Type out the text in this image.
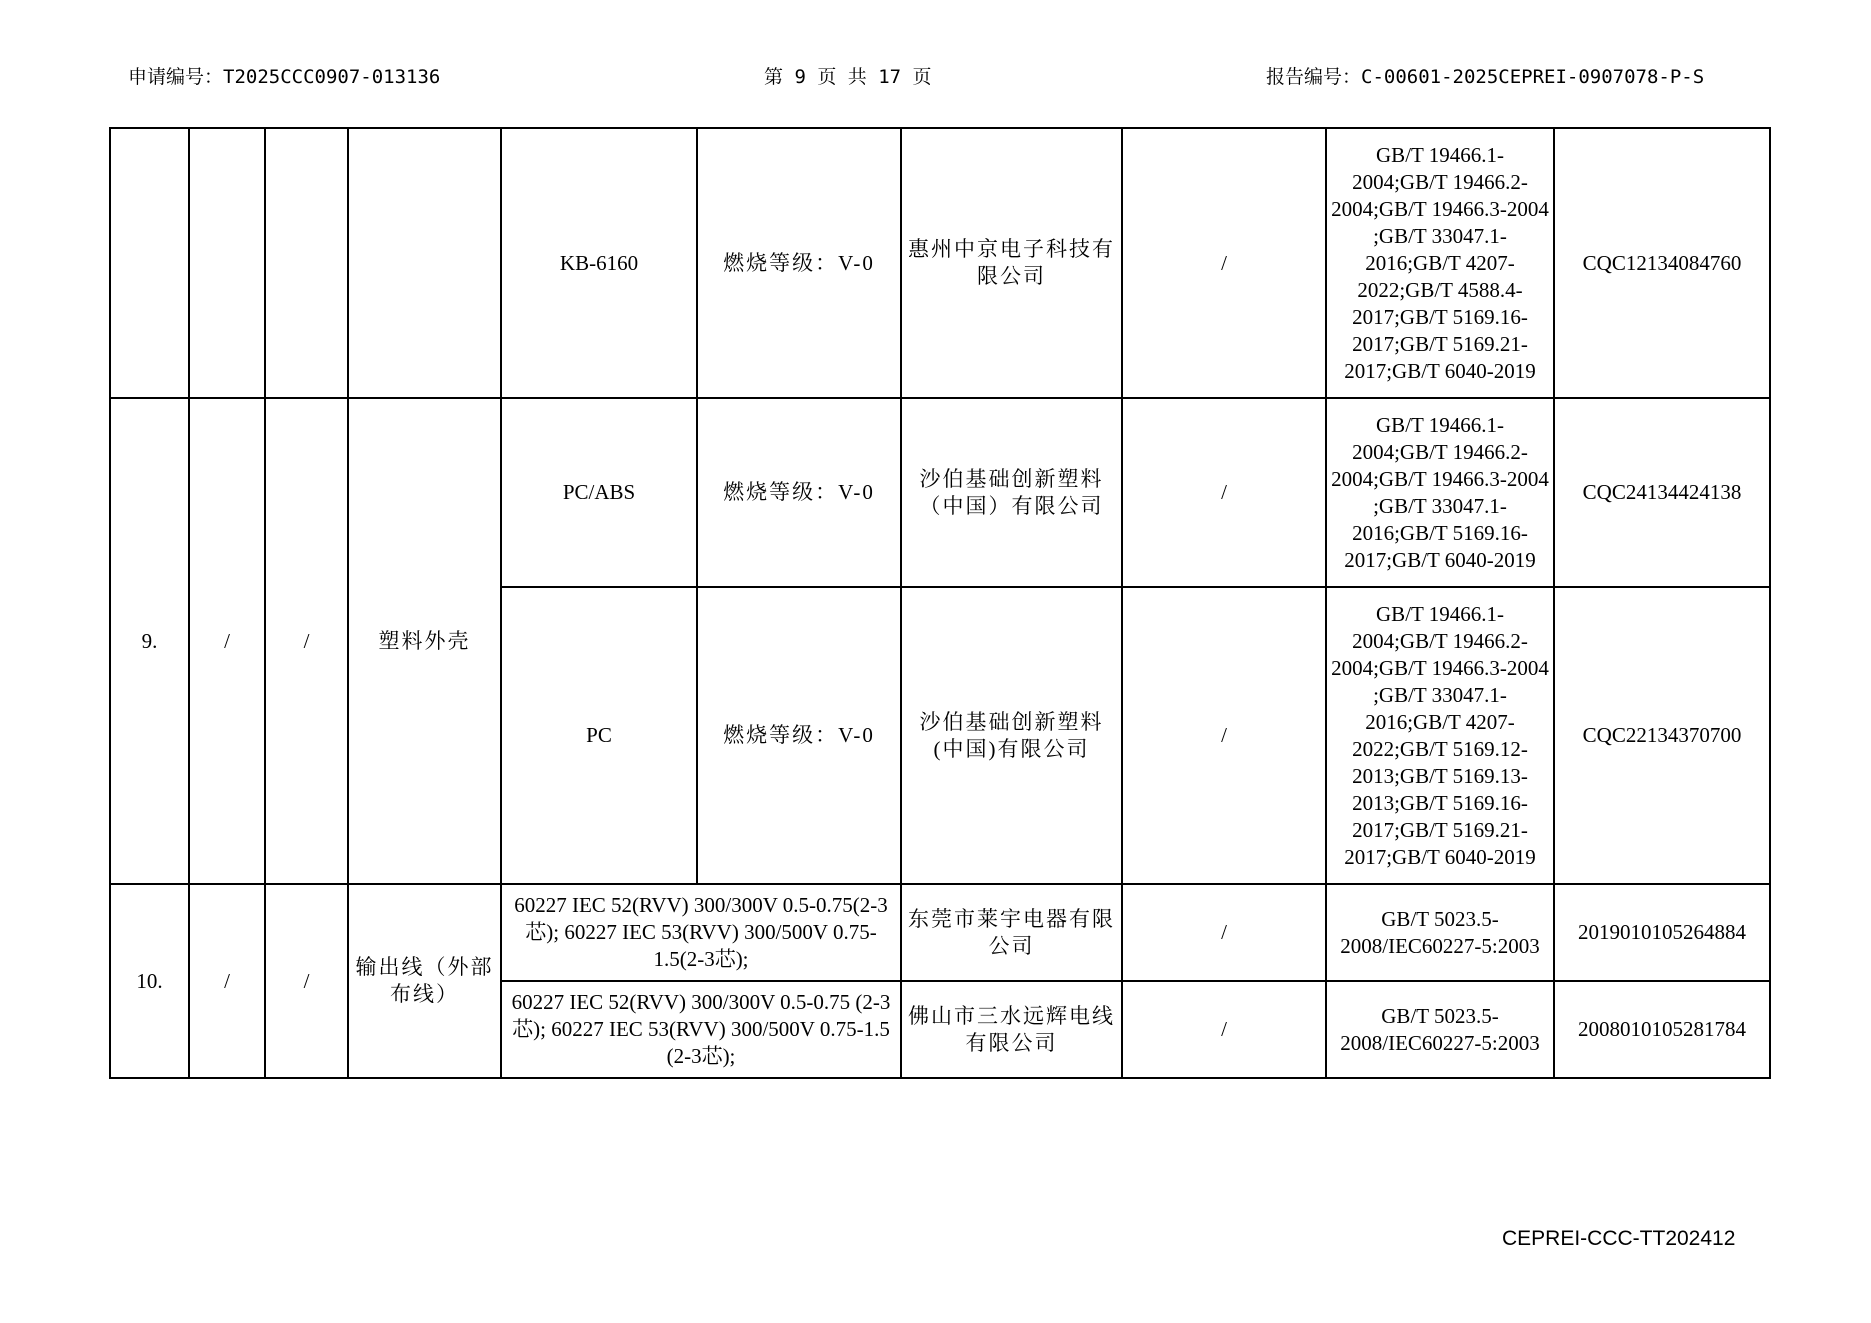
申请编号：T2025CCC0907-013136	第 9 页 共 17 页	报告编号：C-00601-2025CEPREI-0907078-P-S
				KB-6160	燃烧等级：V-0	惠州中京电子科技有限公司	/	GB/T 19466.1-2004;GB/T 19466.2-2004;GB/T 19466.3-2004 ;GB/T 33047.1-2016;GB/T 4207-2022;GB/T 4588.4-2017;GB/T 5169.16-2017;GB/T 5169.21-2017;GB/T 6040-2019	CQC12134084760
9.	/	/	塑料外壳	PC/ABS	燃烧等级：V-0	沙伯基础创新塑料（中国）有限公司	/	GB/T 19466.1-2004;GB/T 19466.2-2004;GB/T 19466.3-2004 ;GB/T 33047.1-2016;GB/T 5169.16-2017;GB/T 6040-2019	CQC24134424138
				PC	燃烧等级：V-0	沙伯基础创新塑料(中国)有限公司	/	GB/T 19466.1-2004;GB/T 19466.2-2004;GB/T 19466.3-2004 ;GB/T 33047.1-2016;GB/T 4207-2022;GB/T 5169.12-2013;GB/T 5169.13-2013;GB/T 5169.16-2017;GB/T 5169.21-2017;GB/T 6040-2019	CQC22134370700
10.	/	/	输出线（外部布线）	60227 IEC 52(RVV) 300/300V 0.5-0.75(2-3芯); 60227 IEC 53(RVV) 300/500V 0.75-1.5(2-3芯);		东莞市莱宇电器有限公司	/	GB/T 5023.5-2008/IEC60227-5:2003	2019010105264884
				60227 IEC 52(RVV) 300/300V 0.5-0.75 (2-3芯); 60227 IEC 53(RVV) 300/500V 0.75-1.5 (2-3芯);		佛山市三水远辉电线有限公司	/	GB/T 5023.5-2008/IEC60227-5:2003	2008010105281784
CEPREI-CCC-TT202412
